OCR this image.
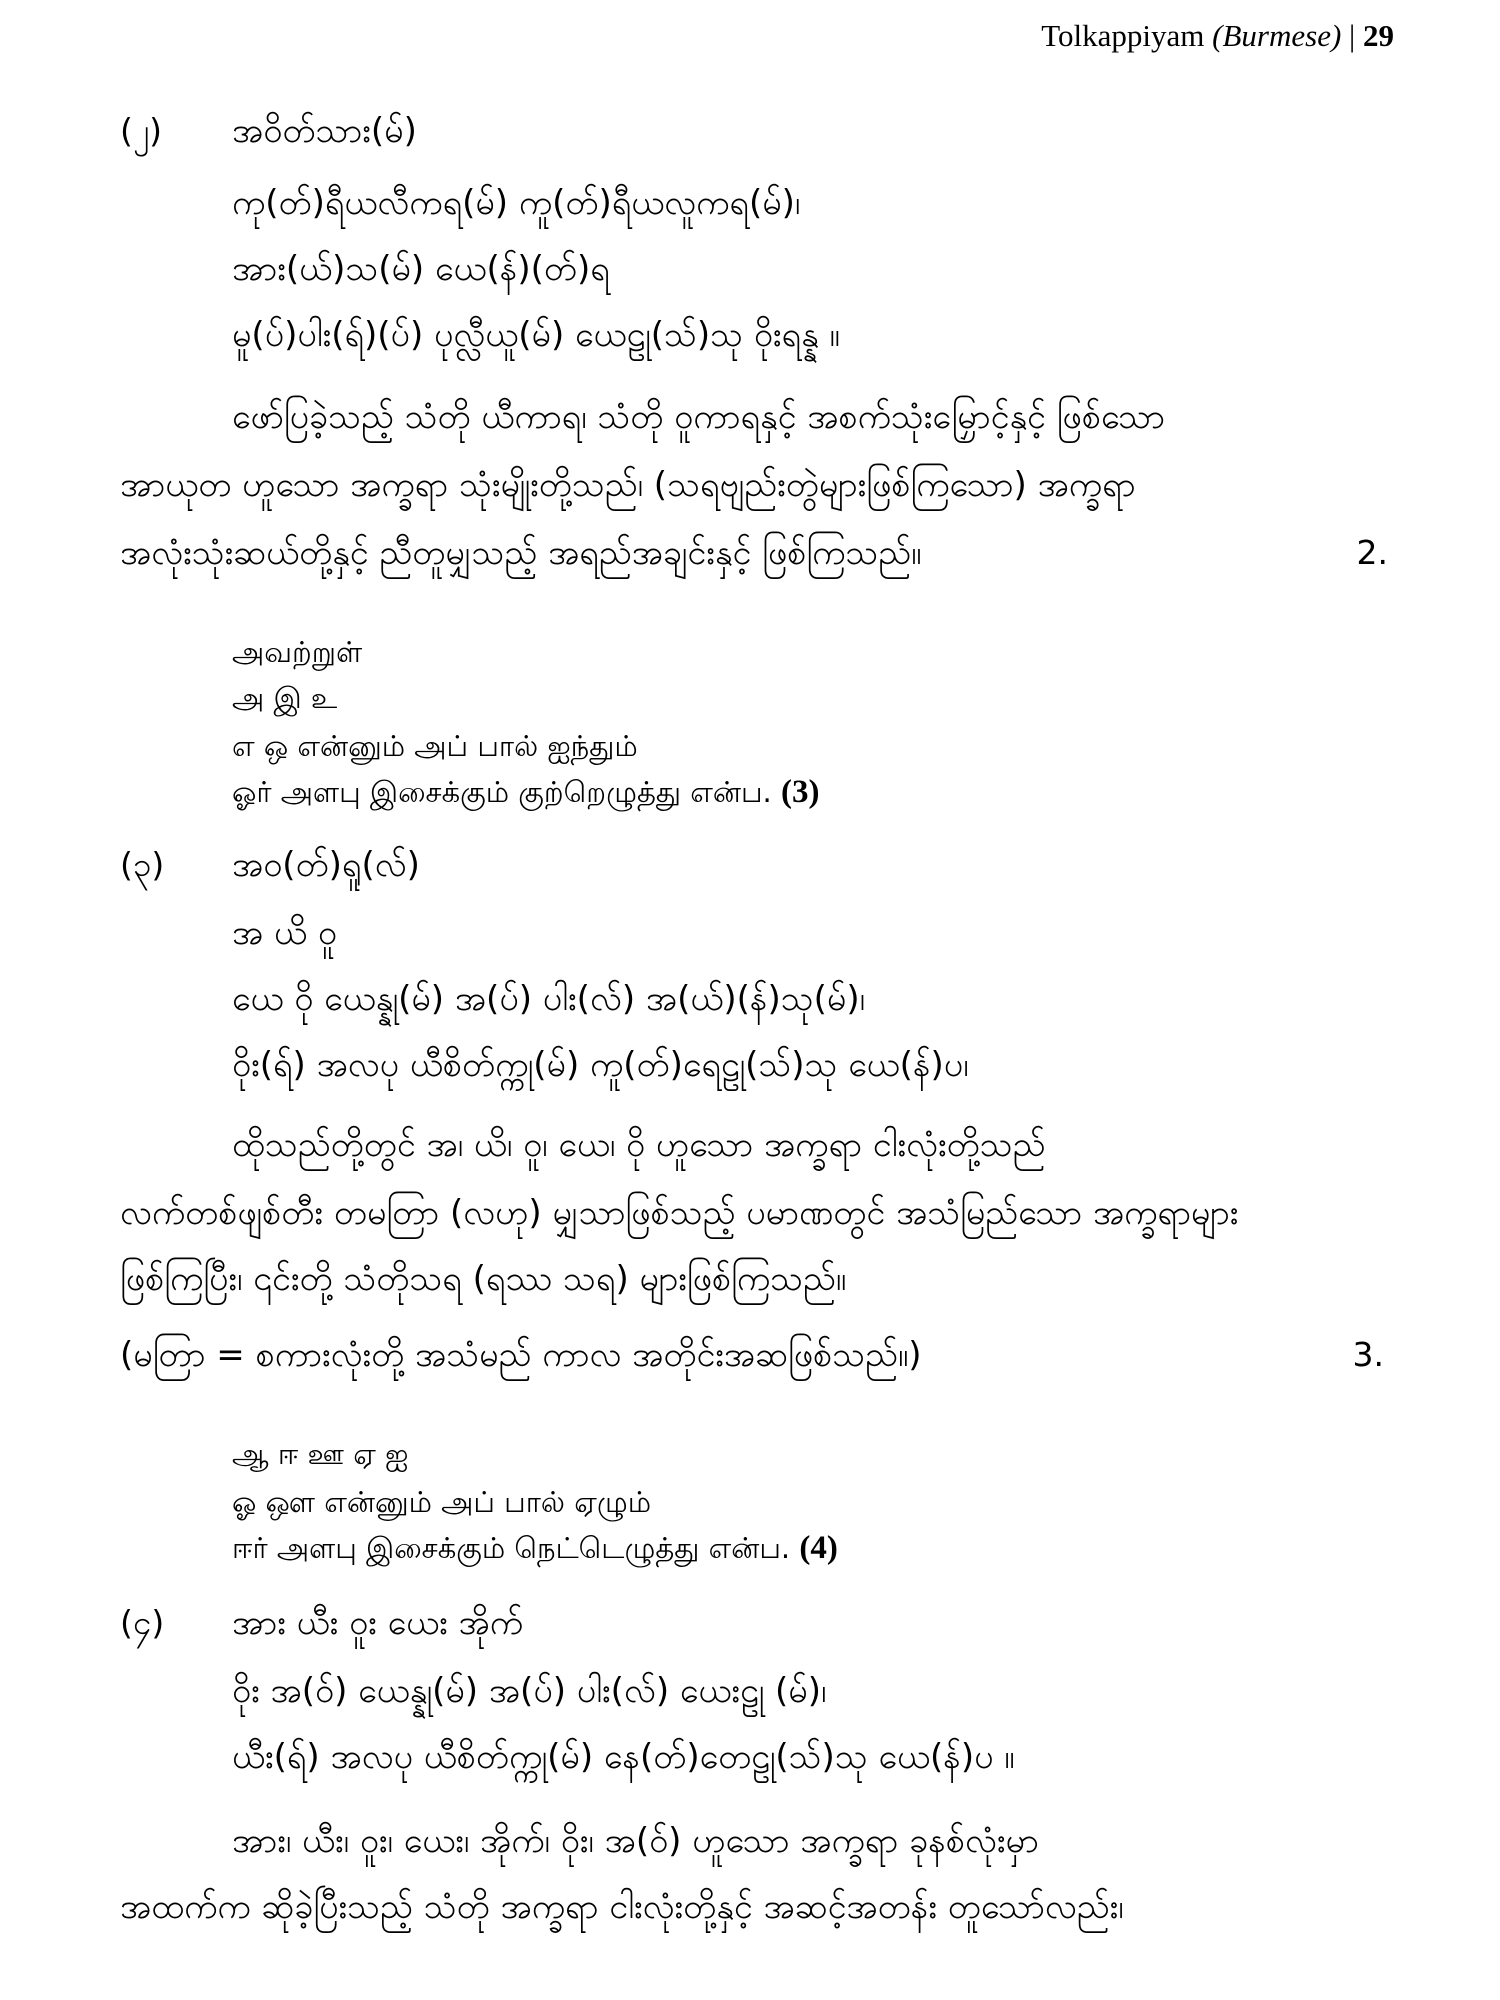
Tolkappiyam (Burmese) | 29
(၂) အ၀ိတ်သား(မ်)
ကု(တ်)ရီယလီကရ(မ်) ကူ(တ်)ရီယလူကရ(မ်)၊
အား(ယ်)သ(မ်) ယေ(န်)(တ်)ရ
မူ(ပ်)ပါး(ရ်)(ပ်) ပုလ္လီယူ(မ်) ယေဠု(သ်)သု ဝိုးရန္န ။
ဖော်ပြခဲ့သည့် သံတို ယီကာရ၊ သံတို ဝူကာရနှင့် အစက်သုံးမြှောင့်နှင့် ဖြစ်သော
အာယုတ ဟူသော အက္ခရာ သုံးမျိုးတို့သည်၊ (သရဗျည်းတွဲများဖြစ်ကြသော) အက္ခရာ
အလုံးသုံးဆယ်တို့နှင့် ညီတူမျှသည့် အရည်အချင်းနှင့် ဖြစ်ကြသည်။	2.
அவற்றுள்
அ இ உ
எ ஒ என்னும் அப் பால் ஐந்தும்
ஓர் அளபு இசைக்கும் குற்றெழுத்து என்ப. (3)
(၃) အဝ(တ်)ရူ(လ်)
အ ယိ ဝူ
ယေ ဝို ယေန္နု(မ်) အ(ပ်) ပါး(လ်) အ(ယ်)(န်)သု(မ်)၊
ဝိုး(ရ်) အလပု ယီစိတ်က္ကု(မ်) ကူ(တ်)ရေဠု(သ်)သု ယေ(န်)ပ၊
ထိုသည်တို့တွင် အ၊ ယိ၊ ဝူ၊ ယေ၊ ဝို ဟူသော အက္ခရာ ငါးလုံးတို့သည်
လက်တစ်ဖျစ်တီး တမတြာ (လဟု) မျှသာဖြစ်သည့် ပမာဏတွင် အသံမြည်သော အက္ခရာများ
ဖြစ်ကြပြီး၊ ၎င်းတို့ သံတိုသရ (ရဿ သရ) များဖြစ်ကြသည်။
(မတြာ = စကားလုံးတို့ အသံမည် ကာလ အတိုင်းအဆဖြစ်သည်။)	3.
ஆ ஈ ஊ ஏ ஐ
ஓ ஔ என்னும் அப் பால் ஏழும்
ஈர் அளபு இசைக்கும் நெட்டெழுத்து என்ப. (4)
(၄) အား ယီး ဝူး ယေး အိုက်
ဝိုး အ(ဝ်) ယေန္နု(မ်) အ(ပ်) ပါး(လ်) ယေးဠု (မ်)၊
ယီး(ရ်) အလပု ယီစိတ်က္ကု(မ်) နေ(တ်)တေဠု(သ်)သု ယေ(န်)ပ ။
အား၊ ယီး၊ ဝူး၊ ယေး၊ အိုက်၊ ဝိုး၊ အ(ဝ်) ဟူသော အက္ခရာ ခုနစ်လုံးမှာ
အထက်က ဆိုခဲ့ပြီးသည့် သံတို အက္ခရာ ငါးလုံးတို့နှင့် အဆင့်အတန်း တူသော်လည်း၊
